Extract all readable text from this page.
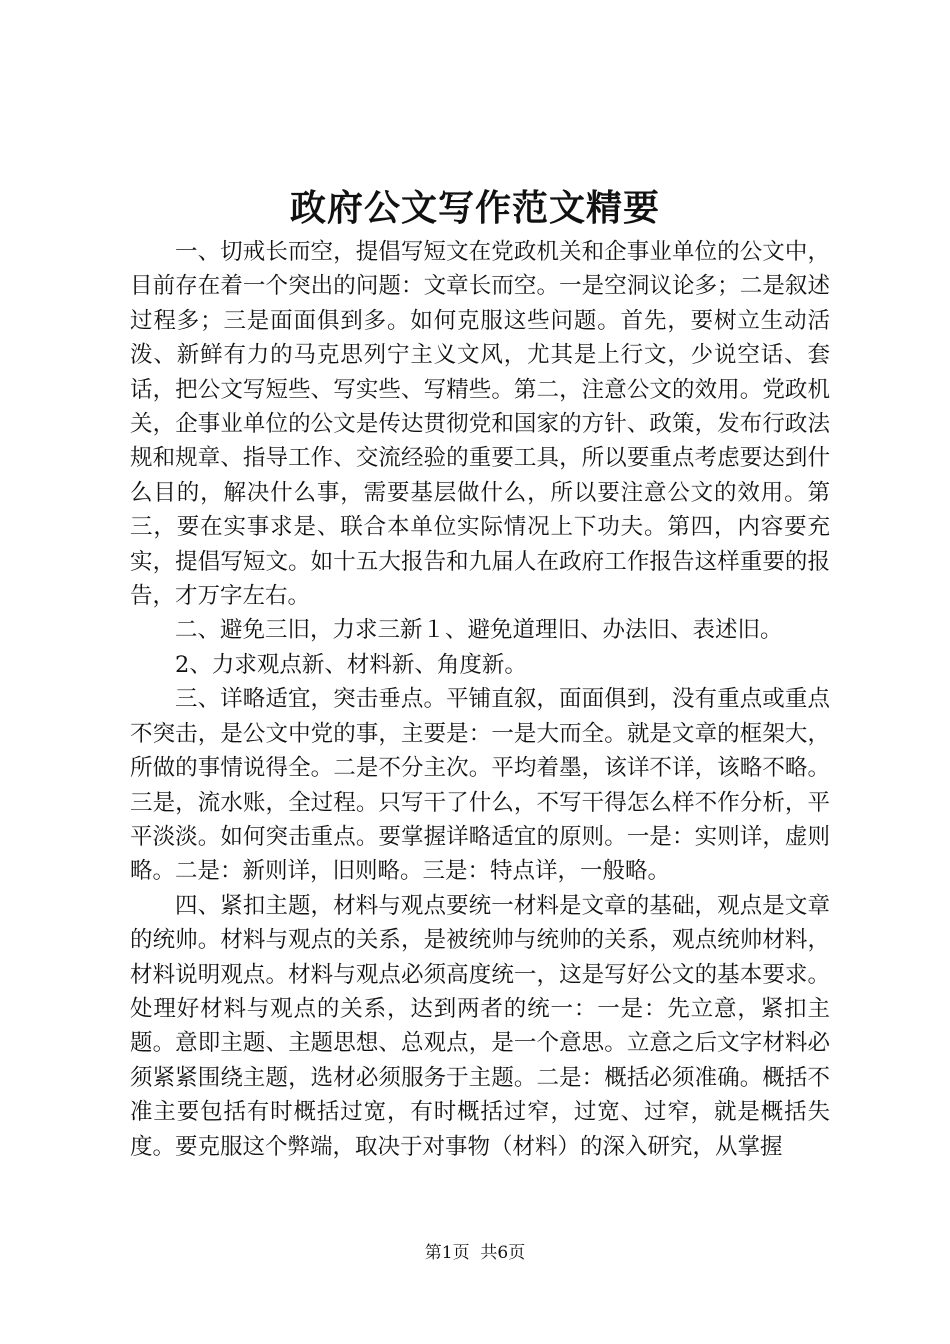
政府公文写作范文精要

一、切戒长而空，提倡写短文在党政机关和企事业单位的公文中，目前存在着一个突出的问题：文章长而空。一是空洞议论多；二是叙述过程多；三是面面俱到多。如何克服这些问题。首先，要树立生动活泼、新鲜有力的马克思列宁主义文风，尤其是上行文，少说空话、套话，把公文写短些、写实些、写精些。第二，注意公文的效用。党政机关，企事业单位的公文是传达贯彻党和国家的方针、政策，发布行政法规和规章、指导工作、交流经验的重要工具，所以要重点考虑要达到什么目的，解决什么事，需要基层做什么，所以要注意公文的效用。第三，要在实事求是、联合本单位实际情况上下功夫。第四，内容要充实，提倡写短文。如十五大报告和九届人在政府工作报告这样重要的报告，才万字左右。

二、避免三旧，力求三新１、避免道理旧、办法旧、表述旧。

2、力求观点新、材料新、角度新。

三、详略适宜，突击垂点。平铺直叙，面面俱到，没有重点或重点不突击，是公文中党的事，主要是：一是大而全。就是文章的框架大，所做的事情说得全。二是不分主次。平均着墨，该详不详，该略不略。三是，流水账，全过程。只写干了什么，不写干得怎么样不作分析，平平淡淡。如何突击重点。要掌握详略适宜的原则。一是：实则详，虚则略。二是：新则详，旧则略。三是：特点详，一般略。

四、紧扣主题，材料与观点要统一材料是文章的基础，观点是文章的统帅。材料与观点的关系，是被统帅与统帅的关系，观点统帅材料，材料说明观点。材料与观点必须高度统一，这是写好公文的基本要求。处理好材料与观点的关系，达到两者的统一：一是：先立意，紧扣主题。意即主题、主题思想、总观点，是一个意思。立意之后文字材料必须紧紧围绕主题，选材必须服务于主题。二是：概括必须准确。概括不准主要包括有时概括过宽，有时概括过窄，过宽、过窄，就是概括失度。要克服这个弊端，取决于对事物（材料）的深入研究，从掌握

第1页  共6页
